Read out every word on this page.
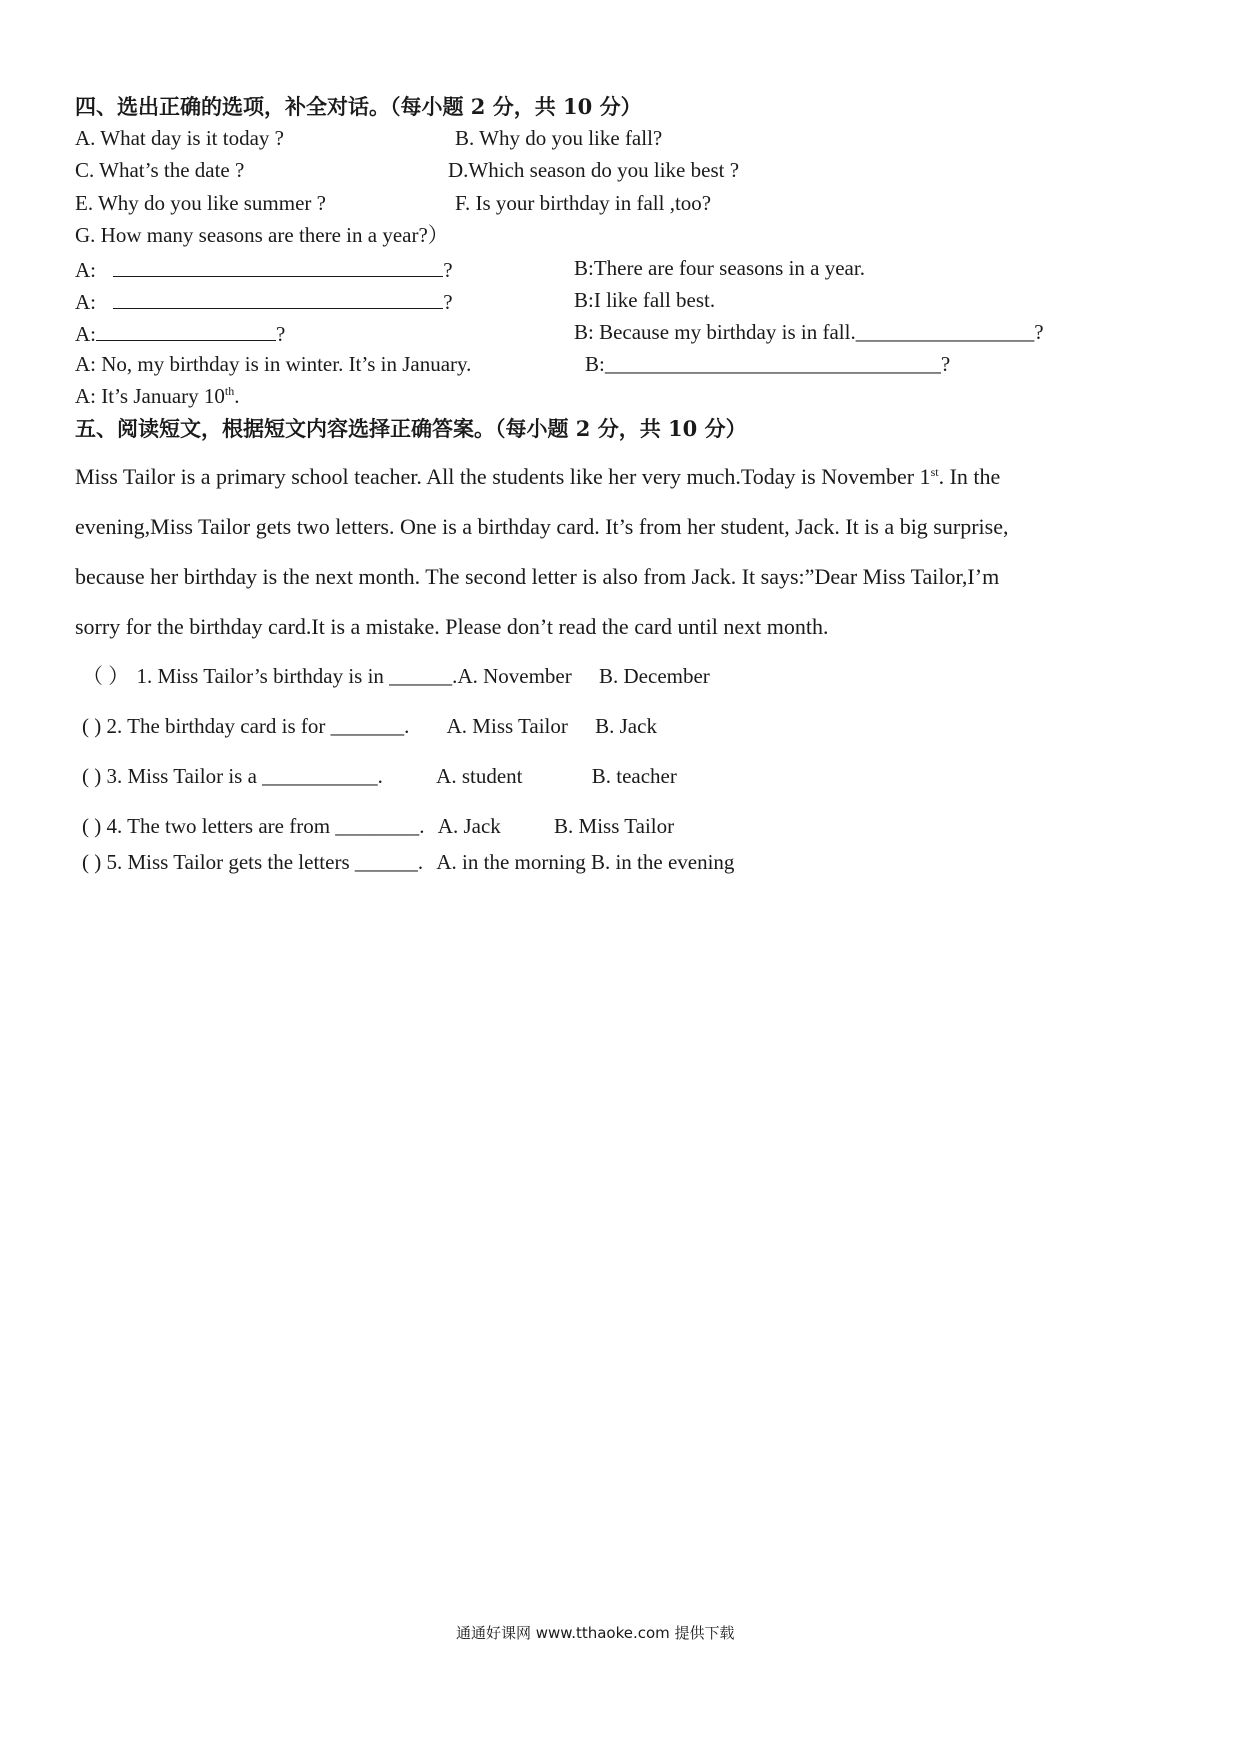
四、选出正确的选项，补全对话。（每小题 2 分，共 10 分）
A. What day is it today ?	B. Why do you like fall?
C. What’s the date ?	D.Which season do you like best ?
E. Why do you like summer ?	F. Is your birthday in fall ,too?
G. How many seasons are there in a year?）
A:	?	B:There are four seasons in a year.
A:	?	B:I like fall best.
A:	?	B: Because my birthday is in fall._________________?
A: No, my birthday is in winter. It’s in January.	B:________________________________?
A: It’s January 10th.
五、阅读短文，根据短文内容选择正确答案。（每小题 2 分，共 10 分）
Miss Tailor is a primary school teacher. All the students like her very much.Today is November 1st. In the
evening,Miss Tailor gets two letters. One is a birthday card. It’s from her student, Jack. It is a big surprise,
because her birthday is the next month. The second letter is also from Jack. It says:”Dear Miss Tailor,I’m
sorry for the birthday card.It is a mistake. Please don’t read the card until next month.
（ ） 1. Miss Tailor’s birthday is in ______.A. November B. December
( ) 2. The birthday card is for _______. A. Miss Tailor B. Jack
( ) 3. Miss Tailor is a ___________.	A. student	B. teacher
( ) 4. The two letters are from ________. A. Jack	B. Miss Tailor
( ) 5. Miss Tailor gets the letters ______. A. in the morning B. in the evening
通通好课网 www.tthaoke.com 提供下载
